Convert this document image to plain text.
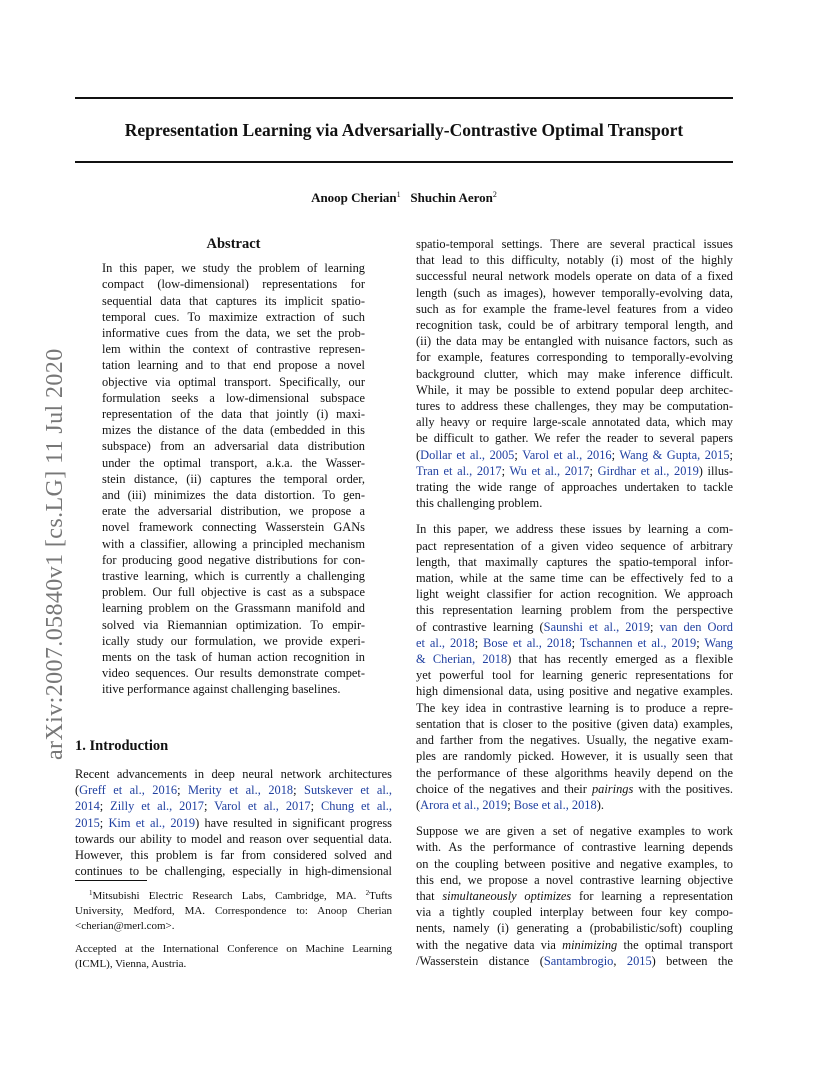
Representation Learning via Adversarially-Contrastive Optimal Transport

Anoop Cherian$^1$ Shuchin Aeron$^2$

arXiv:2007.05840v1 [cs.LG] 11 Jul 2020
Abstract
In this paper, we study the problem of learning
compact (low-dimensional) representations for
sequential data that captures its implicit spatio-
temporal cues. To maximize extraction of such
informative cues from the data, we set the prob-
lem within the context of contrastive represen-
tation learning and to that end propose a novel
objective via optimal transport. Specifically, our
formulation seeks a low-dimensional subspace
representation of the data that jointly (i) maxi-
mizes the distance of the data (embedded in this
subspace) from an adversarial data distribution
under the optimal transport, a.k.a. the Wasser-
stein distance, (ii) captures the temporal order,
and (iii) minimizes the data distortion. To gen-
erate the adversarial distribution, we propose a
novel framework connecting Wasserstein GANs
with a classifier, allowing a principled mechanism
for producing good negative distributions for con-
trastive learning, which is currently a challenging
problem. Our full objective is cast as a subspace
learning problem on the Grassmann manifold and
solved via Riemannian optimization. To empir-
ically study our formulation, we provide experi-
ments on the task of human action recognition in
video sequences. Our results demonstrate compet-
itive performance against challenging baselines.
1. Introduction
Recent advancements in deep neural network architectures
(Greff et al., 2016; Merity et al., 2018; Sutskever et al.,
2014; Zilly et al., 2017; Varol et al., 2017; Chung et al.,
2015; Kim et al., 2019) have resulted in significant progress
towards our ability to model and reason over sequential data.
However, this problem is far from considered solved and
continues to be challenging, especially in high-dimensional
$^1$Mitsubishi Electric Research Labs, Cambridge, MA. $^2$Tufts
University, Medford, MA. Correspondence to: Anoop Cherian
<cherian@merl.com>.
Accepted at the International Conference on Machine Learning
(ICML), Vienna, Austria.
spatio-temporal settings. There are several practical issues
that lead to this difficulty, notably (i) most of the highly
successful neural network models operate on data of a fixed
length (such as images), however temporally-evolving data,
such as for example the frame-level features from a video
recognition task, could be of arbitrary temporal length, and
(ii) the data may be entangled with nuisance factors, such as
for example, features corresponding to temporally-evolving
background clutter, which may make inference difficult.
While, it may be possible to extend popular deep architec-
tures to address these challenges, they may be computation-
ally heavy or require large-scale annotated data, which may
be difficult to gather. We refer the reader to several papers
(Dollar et al., 2005; Varol et al., 2016; Wang & Gupta, 2015;
Tran et al., 2017; Wu et al., 2017; Girdhar et al., 2019) illus-
trating the wide range of approaches undertaken to tackle
this challenging problem.
In this paper, we address these issues by learning a com-
pact representation of a given video sequence of arbitrary
length, that maximally captures the spatio-temporal infor-
mation, while at the same time can be effectively fed to a
light weight classifier for action recognition. We approach
this representation learning problem from the perspective
of contrastive learning (Saunshi et al., 2019; van den Oord
et al., 2018; Bose et al., 2018; Tschannen et al., 2019; Wang
& Cherian, 2018) that has recently emerged as a flexible
yet powerful tool for learning generic representations for
high dimensional data, using positive and negative examples.
The key idea in contrastive learning is to produce a repre-
sentation that is closer to the positive (given data) examples,
and farther from the negatives. Usually, the negative exam-
ples are randomly picked. However, it is usually seen that
the performance of these algorithms heavily depend on the
choice of the negatives and their pairings with the positives.
(Arora et al., 2019; Bose et al., 2018).
Suppose we are given a set of negative examples to work
with. As the performance of contrastive learning depends
on the coupling between positive and negative examples, to
this end, we propose a novel contrastive learning objective
that simultaneously optimizes for learning a representation
via a tightly coupled interplay between four key compo-
nents, namely (i) generating a (probabilistic/soft) coupling
with the negative data via minimizing the optimal transport
/Wasserstein distance (Santambrogio, 2015) between the
